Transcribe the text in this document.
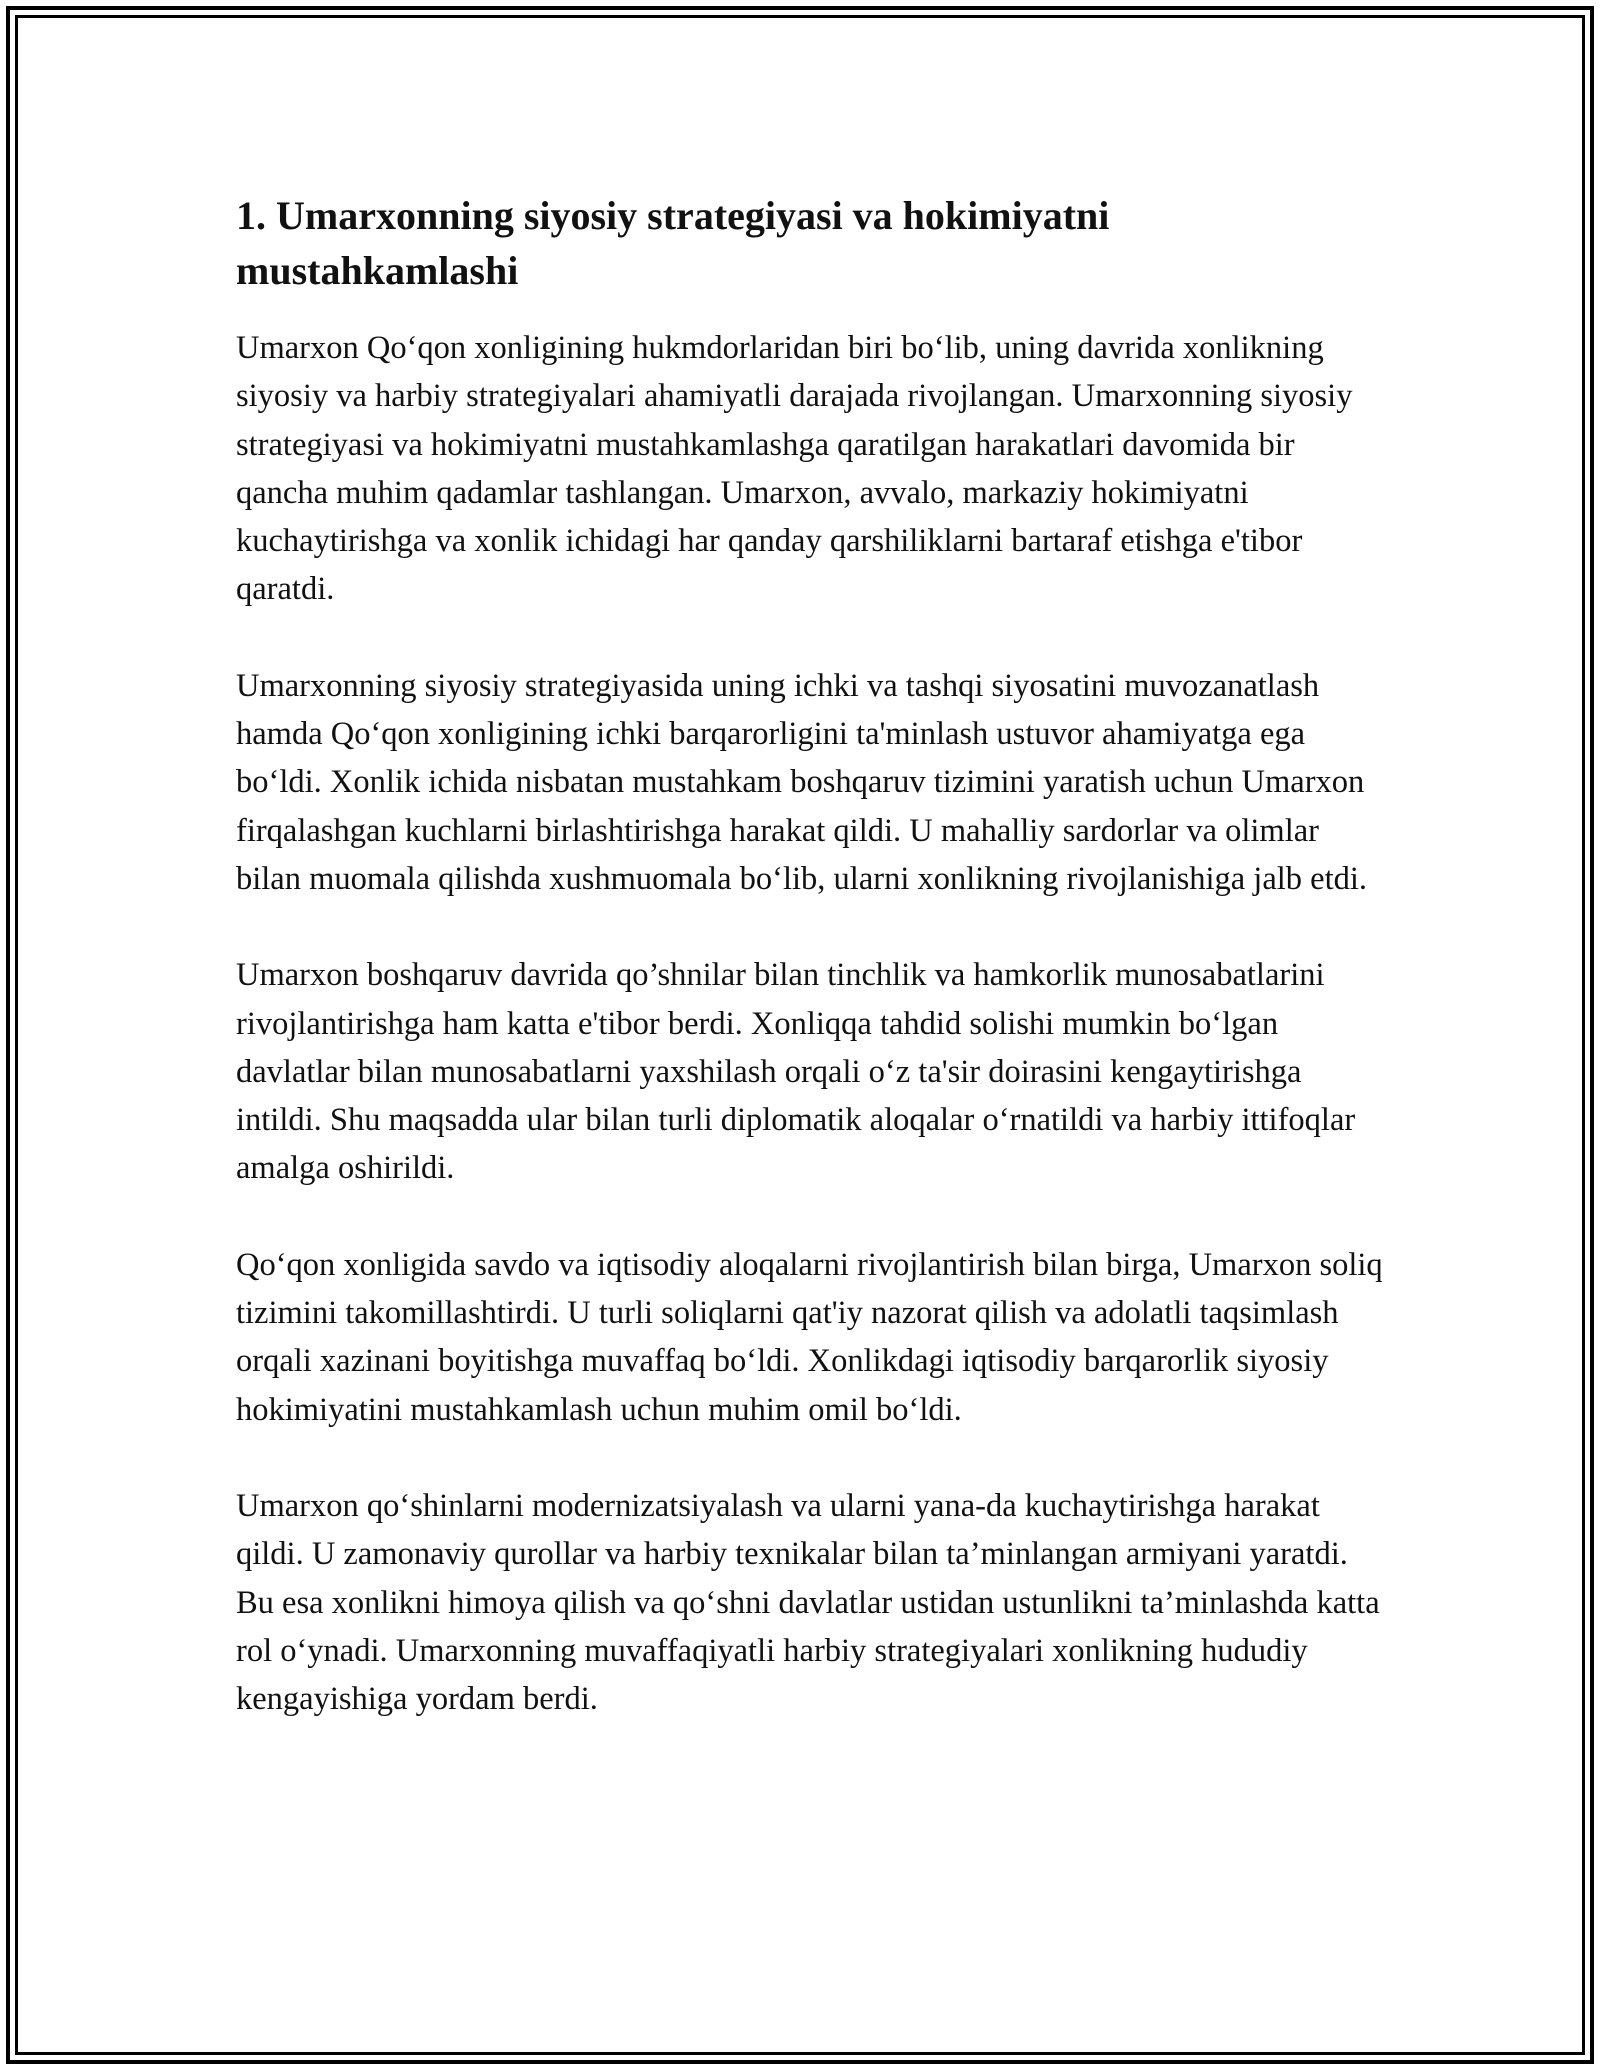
1. Umarxonning siyosiy strategiyasi va hokimiyatni mustahkamlashi

Umarxon Qo‘qon xonligining hukmdorlaridan biri bo‘lib, uning davrida xonlikning siyosiy va harbiy strategiyalari ahamiyatli darajada rivojlangan. Umarxonning siyosiy strategiyasi va hokimiyatni mustahkamlashga qaratilgan harakatlari davomida bir qancha muhim qadamlar tashlangan. Umarxon, avvalo, markaziy hokimiyatni kuchaytirishga va xonlik ichidagi har qanday qarshiliklarni bartaraf etishga e'tibor qaratdi.

Umarxonning siyosiy strategiyasida uning ichki va tashqi siyosatini muvozanatlash hamda Qo‘qon xonligining ichki barqarorligini ta'minlash ustuvor ahamiyatga ega bo‘ldi. Xonlik ichida nisbatan mustahkam boshqaruv tizimini yaratish uchun Umarxon firqalashgan kuchlarni birlashtirishga harakat qildi. U mahalliy sardorlar va olimlar bilan muomala qilishda xushmuomala bo‘lib, ularni xonlikning rivojlanishiga jalb etdi.

Umarxon boshqaruv davrida qo’shnilar bilan tinchlik va hamkorlik munosabatlarini rivojlantirishga ham katta e'tibor berdi. Xonliqqa tahdid solishi mumkin bo‘lgan davlatlar bilan munosabatlarni yaxshilash orqali o‘z ta'sir doirasini kengaytirishga intildi. Shu maqsadda ular bilan turli diplomatik aloqalar o‘rnatildi va harbiy ittifoqlar amalga oshirildi.

Qo‘qon xonligida savdo va iqtisodiy aloqalarni rivojlantirish bilan birga, Umarxon soliq tizimini takomillashtirdi. U turli soliqlarni qat'iy nazorat qilish va adolatli taqsimlash orqali xazinani boyitishga muvaffaq bo‘ldi. Xonlikdagi iqtisodiy barqarorlik siyosiy hokimiyatini mustahkamlash uchun muhim omil bo‘ldi.

Umarxon qo‘shinlarni modernizatsiyalash va ularni yana-da kuchaytirishga harakat qildi. U zamonaviy qurollar va harbiy texnikalar bilan ta’minlangan armiyani yaratdi. Bu esa xonlikni himoya qilish va qo‘shni davlatlar ustidan ustunlikni ta’minlashda katta rol o‘ynadi. Umarxonning muvaffaqiyatli harbiy strategiyalari xonlikning hududiy kengayishiga yordam berdi.
